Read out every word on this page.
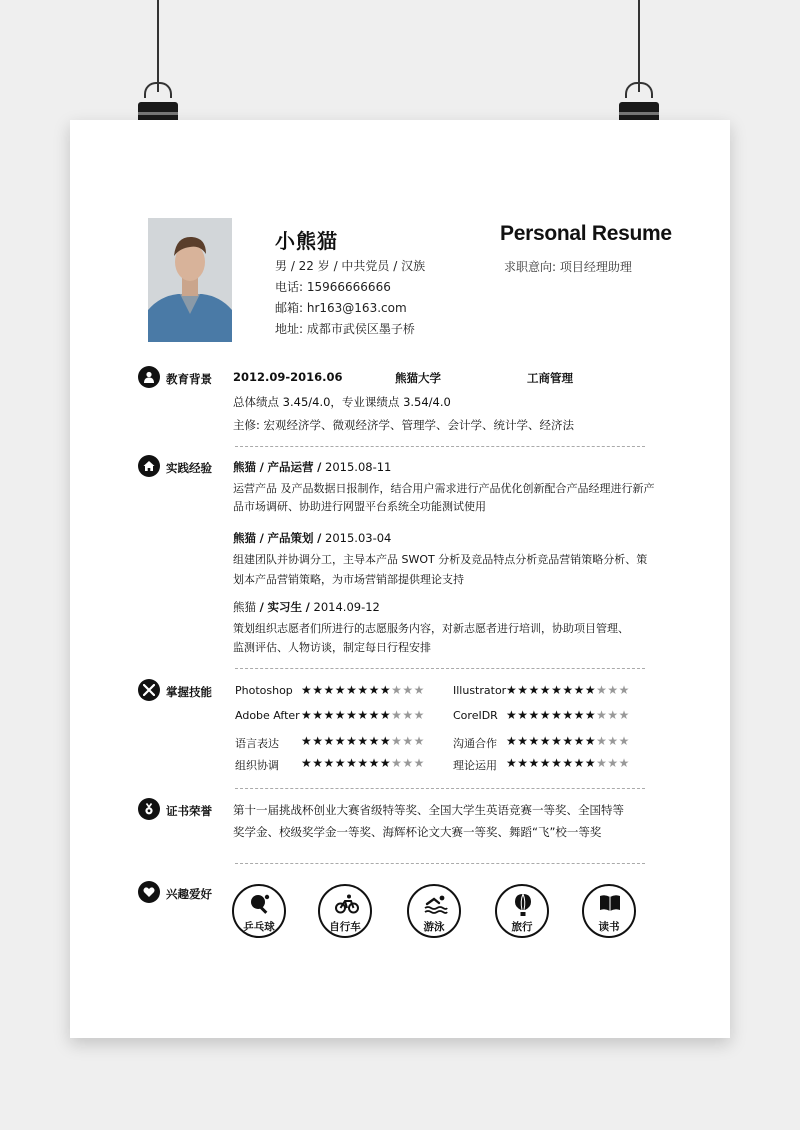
小熊猫
男 / 22 岁 / 中共党员 / 汉族
电话: 15966666666
邮箱: hr163@163.com
地址: 成都市武侯区墨子桥
Personal Resume
求职意向: 项目经理助理
教育背景 2012.09-2016.06	熊猫大学	工商管理
总体绩点 3.45/4.0，专业课绩点 3.54/4.0
主修: 宏观经济学、微观经济学、管理学、会计学、统计学、经济法
实践经验 熊猫 / 产品运营 / 2015.08-11
运营产品 及产品数据日报制作，结合用户需求进行产品优化创新配合产品经理进行新产
品市场调研、协助进行网盟平台系统全功能测试使用
熊猫 / 产品策划 / 2015.03-04
组建团队并协调分工，主导本产品 SWOT 分析及竞品特点分析竞品营销策略分析、策
划本产品营销策略，为市场营销部提供理论支持
熊猫 / 实习生 / 2014.09-12
策划组织志愿者们所进行的志愿服务内容，对新志愿者进行培训，协助项目管理、
监测评估、人物访谈，制定每日行程安排
掌握技能 Photoshop ★★★★★★★★★★★	Illustrator ★★★★★★★★★★★
Adobe After ★★★★★★★★★★★	CoreIDR ★★★★★★★★★★★
语言表达 ★★★★★★★★★★★	沟通合作 ★★★★★★★★★★★
组织协调 ★★★★★★★★★★★	理论运用 ★★★★★★★★★★★
证书荣誉 第十一届挑战杯创业大赛省级特等奖、全国大学生英语竞赛一等奖、全国特等
奖学金、校级奖学金一等奖、海辉杯论文大赛一等奖、舞蹈“飞”校一等奖
兴趣爱好
乒乓球	自行车	游泳	旅行	读书
